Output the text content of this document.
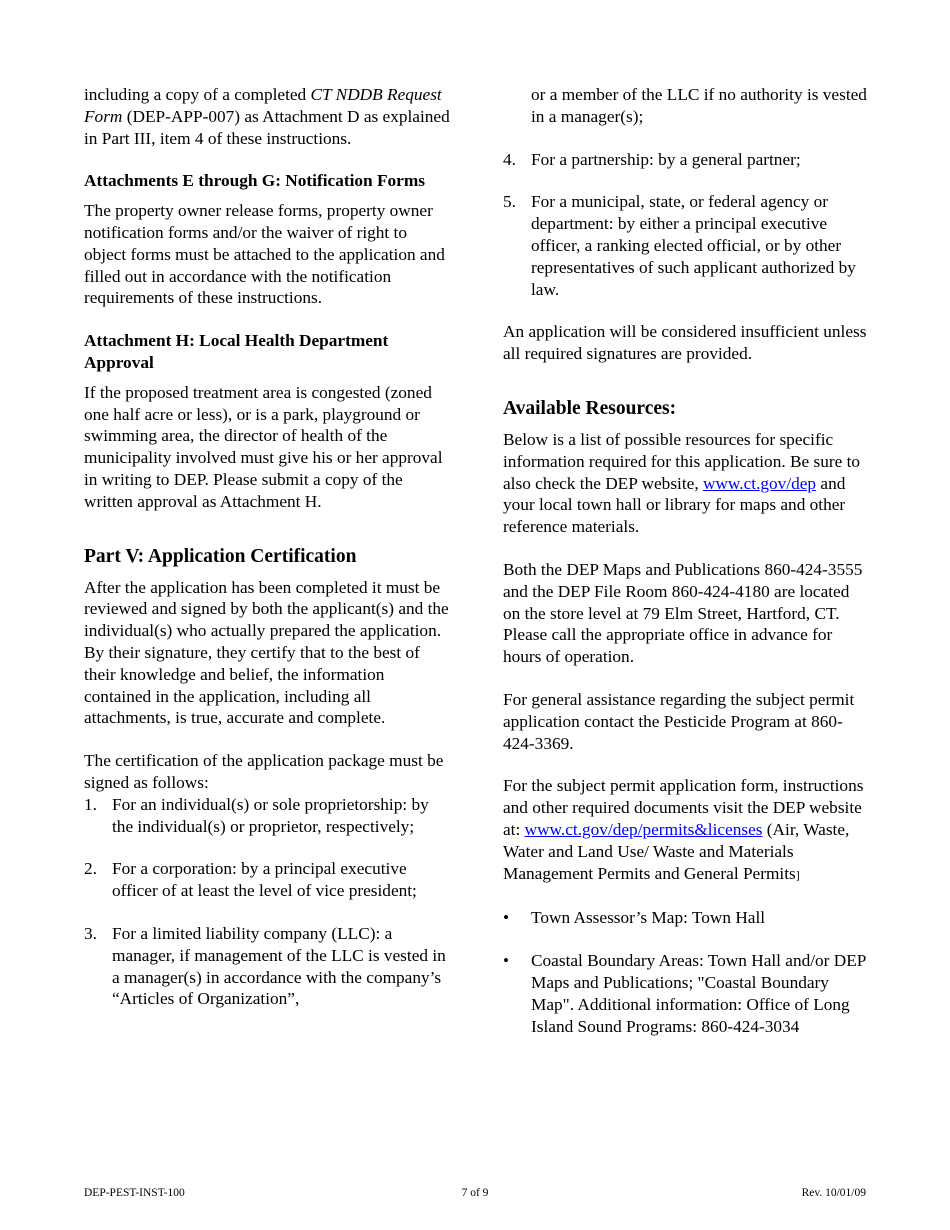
including a copy of a completed CT NDDB Request Form (DEP-APP-007) as Attachment D as explained in Part III, item 4 of these instructions.

Attachments E through G: Notification Forms

The property owner release forms, property owner notification forms and/or the waiver of right to object forms must be attached to the application and filled out in accordance with the notification requirements of these instructions.

Attachment H: Local Health Department Approval

If the proposed treatment area is congested (zoned one half acre or less), or is a park, playground or swimming area, the director of health of the municipality involved must give his or her approval in writing to DEP. Please submit a copy of the written approval as Attachment H.

Part V: Application Certification

After the application has been completed it must be reviewed and signed by both the applicant(s) and the individual(s) who actually prepared the application. By their signature, they certify that to the best of their knowledge and belief, the information contained in the application, including all attachments, is true, accurate and complete.

The certification of the application package must be signed as follows:

1. For an individual(s) or sole proprietorship: by the individual(s) or proprietor, respectively;
2. For a corporation: by a principal executive officer of at least the level of vice president;
3. For a limited liability company (LLC): a manager, if management of the LLC is vested in a manager(s) in accordance with the company’s “Articles of Organization”,

or a member of the LLC if no authority is vested in a manager(s);

4. For a partnership: by a general partner;
5. For a municipal, state, or federal agency or department: by either a principal executive officer, a ranking elected official, or by other representatives of such applicant authorized by law.

An application will be considered insufficient unless all required signatures are provided.

Available Resources:

Below is a list of possible resources for specific information required for this application. Be sure to also check the DEP website, www.ct.gov/dep and your local town hall or library for maps and other reference materials.

Both the DEP Maps and Publications 860-424-3555 and the DEP File Room 860-424-4180 are located on the store level at 79 Elm Street, Hartford, CT. Please call the appropriate office in advance for hours of operation.

For general assistance regarding the subject permit application contact the Pesticide Program at 860-424-3369.

For the subject permit application form, instructions and other required documents visit the DEP website at: www.ct.gov/dep/permits&licenses (Air, Waste, Water and Land Use/ Waste and Materials Management Permits and General Permits]

• Town Assessor’s Map: Town Hall
• Coastal Boundary Areas: Town Hall and/or DEP Maps and Publications; "Coastal Boundary Map". Additional information: Office of Long Island Sound Programs: 860-424-3034
DEP-PEST-INST-100	7 of 9	Rev. 10/01/09
